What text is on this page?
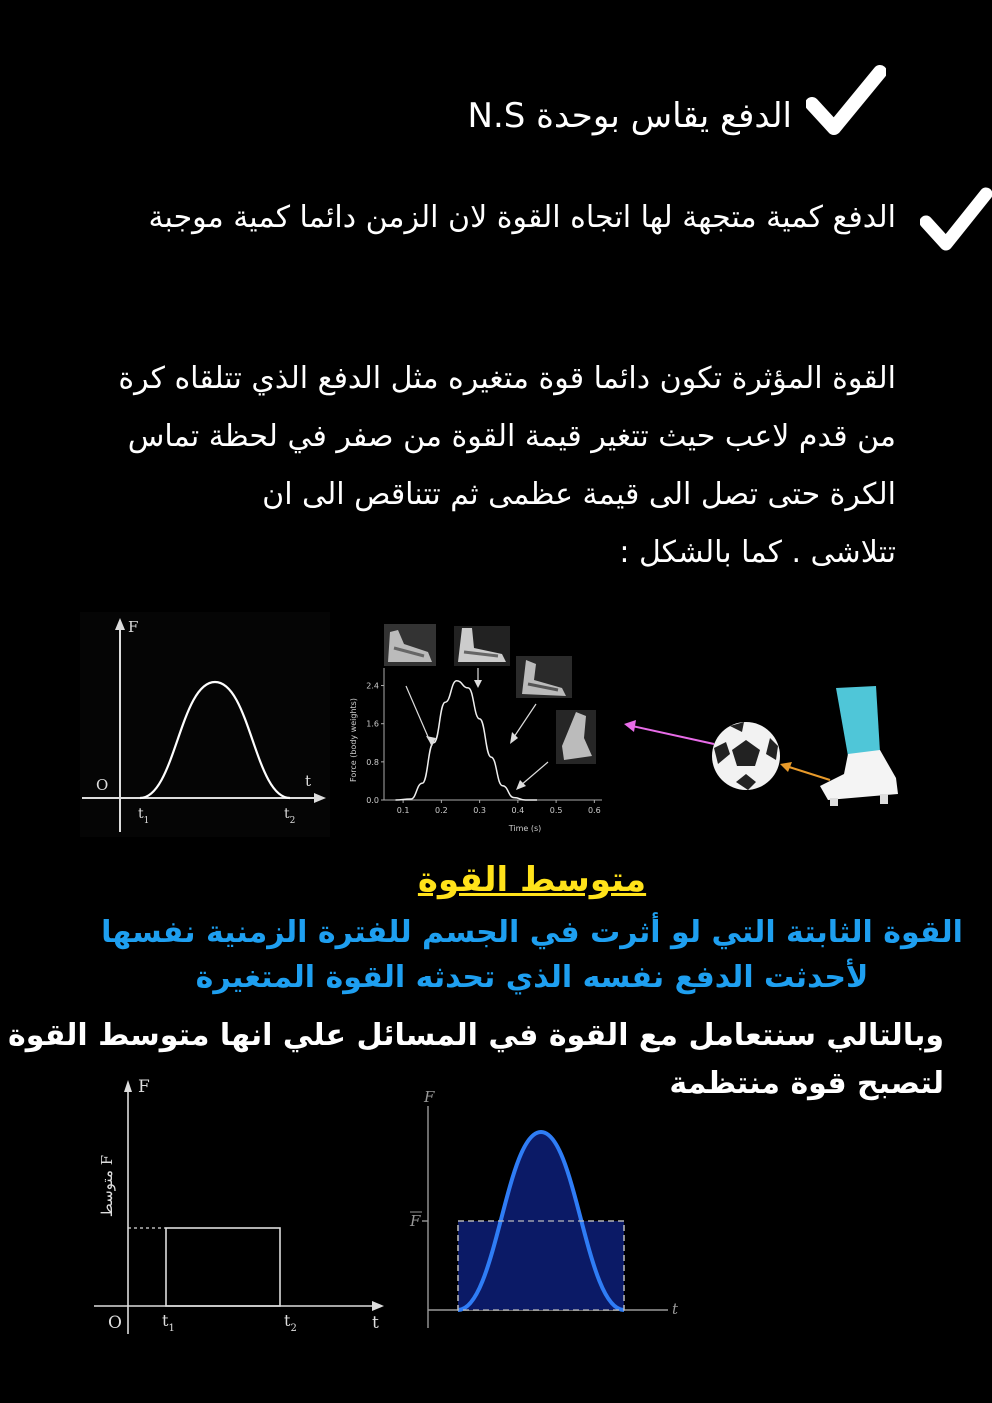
الدفع يقاس بوحدة N.S
الدفع كمية متجهة لها اتجاه القوة لان الزمن دائما كمية موجبة
القوة المؤثرة تكون دائما قوة متغيره مثل الدفع الذي تتلقاه كرة
من قدم لاعب حيث تتغير قيمة القوة من صفر في لحظة تماس
الكرة حتى تصل الى قيمة عظمى ثم تتناقص الى ان
تتلاشى . كما بالشكل :
F
t
O
$t_1$	$t_2$
0.1	0.2	0.3	0.4	0.5	0.6
0.0
0.8
1.6
2.4
Time (s)
Force (body weights)
متوسط القوة
القوة الثابتة التي لو أثرت في الجسم للفترة الزمنية نفسها
لأحدثت الدفع نفسه الذي تحدثه القوة المتغيرة
وبالتالي سنتعامل مع القوة في المسائل علي انها متوسط القوة
لتصبح قوة منتظمة
F
t
O
متوسط F
$t_1$	$t_2$
F
t
F
